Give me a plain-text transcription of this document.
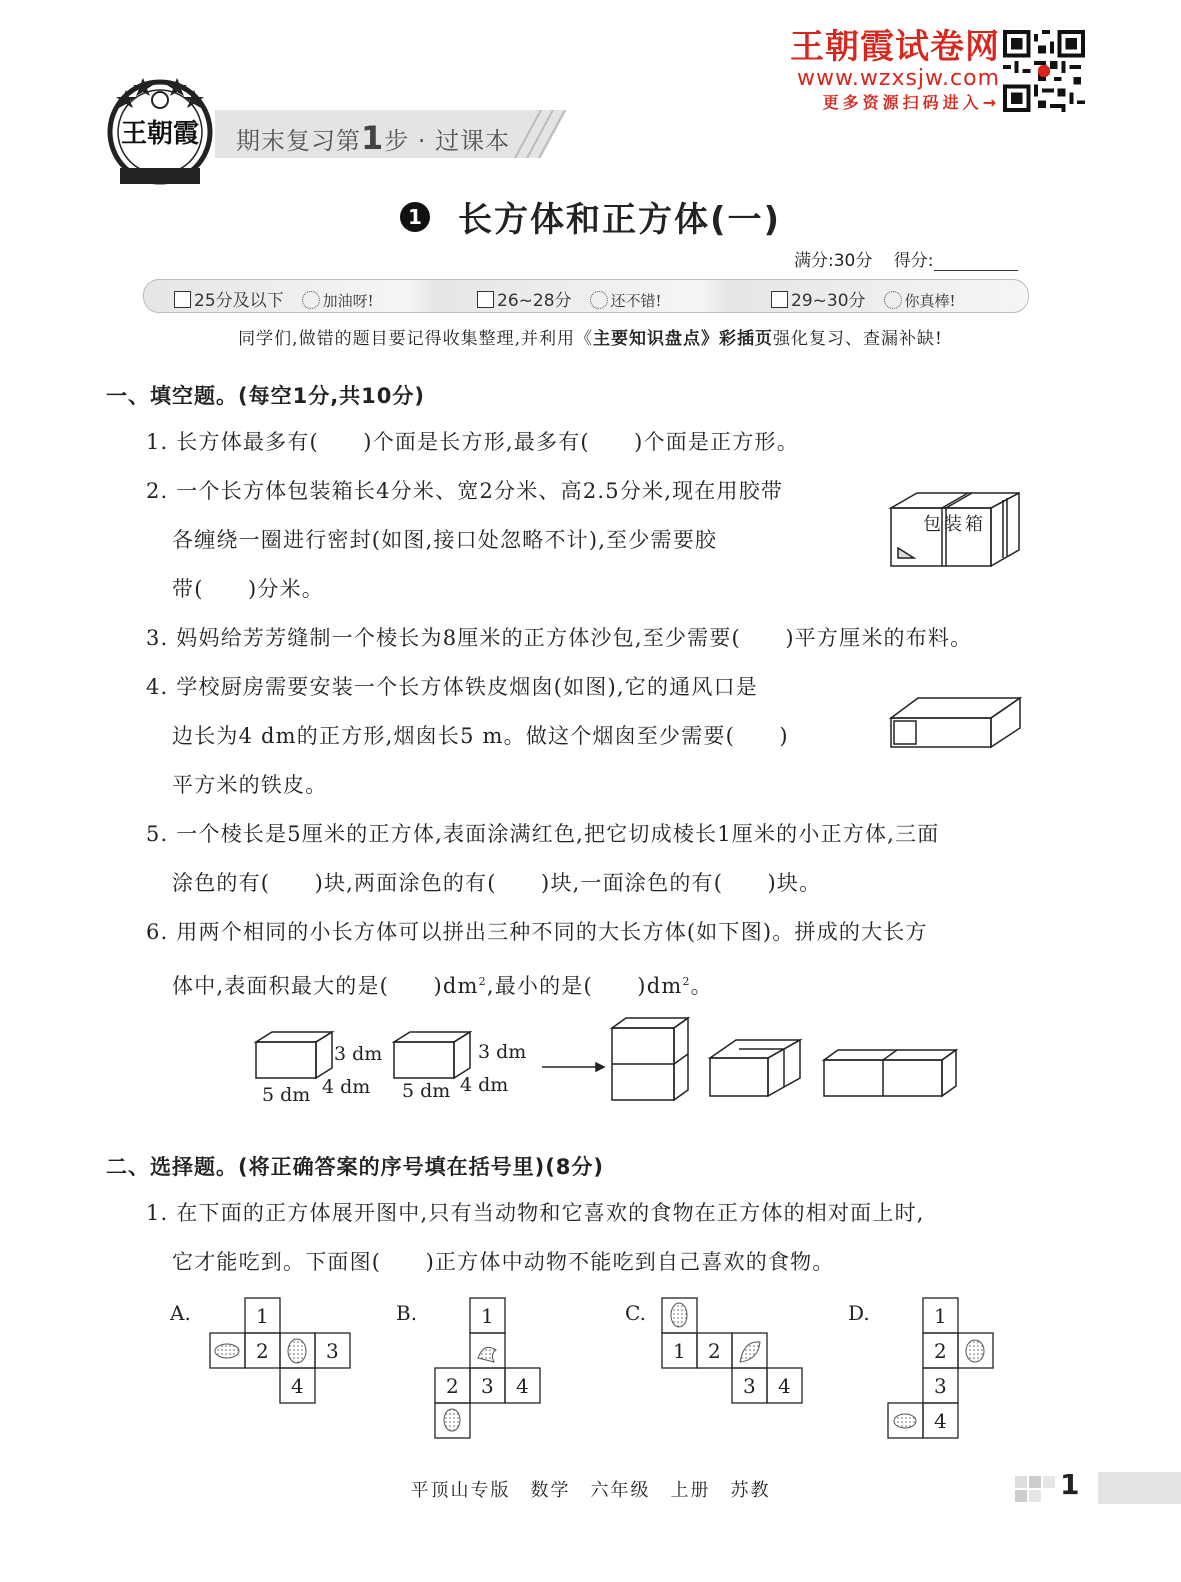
王朝霞 期末复习第1步 · 过课本
王朝霞试卷网
www.wzxsjw.com
更多资源扫码进入→
1 长方体和正方体(一)
满分:30分 得分:
25分及以下	加油呀!	26~28分	还不错!	29~30分	你真棒!
同学们,做错的题目要记得收集整理,并利用《主要知识盘点》彩插页强化复习、查漏补缺!
一、填空题。(每空1分,共10分)
1. 长方体最多有(　　)个面是长方形,最多有(　　)个面是正方形。
2. 一个长方体包装箱长4分米、宽2分米、高2.5分米,现在用胶带
各缠绕一圈进行密封(如图,接口处忽略不计),至少需要胶
带(　　)分米。
包装箱
3. 妈妈给芳芳缝制一个棱长为8厘米的正方体沙包,至少需要(　　)平方厘米的布料。
4. 学校厨房需要安装一个长方体铁皮烟囱(如图),它的通风口是
边长为4 dm的正方形,烟囱长5 m。做这个烟囱至少需要(　　)
平方米的铁皮。
5. 一个棱长是5厘米的正方体,表面涂满红色,把它切成棱长1厘米的小正方体,三面
涂色的有(　　)块,两面涂色的有(　　)块,一面涂色的有(　　)块。
6. 用两个相同的小长方体可以拼出三种不同的大长方体(如下图)。拼成的大长方
体中,表面积最大的是(　　)$dm^2$,最小的是(　　)$dm^2$。
3 dm
4 dm
5 dm
3 dm
4 dm
5 dm
二、选择题。(将正确答案的序号填在括号里)(8分)
1. 在下面的正方体展开图中,只有当动物和它喜欢的食物在正方体的相对面上时,
它才能吃到。下面图(　　)正方体中动物不能吃到自己喜欢的食物。
A.	1
2	3
4
B.	1
2 3 4
C.
1 2
3 4
D.	1
2
3
4
平顶山专版 数学 六年级 上册 苏教	1
